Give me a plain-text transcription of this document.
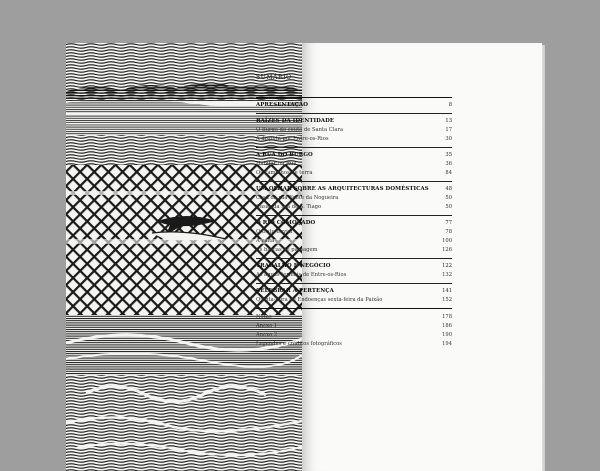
SUMÁRIO
APRESENTAÇÃO	8
RAÍZES DA IDENTIDADE	13
O Burgo do couto de Santa Clara	17
A disputa por Entre-os-Rios	30
A RUA DO BURGO	35
Habitar na Rua	36
Os caminhos de terra	84
UM OLHAR SOBRE AS ARQUITECTURAS DOMÉSTICAS	48
Casa da rua Fonte da Nogueira	50
Casas da rua de S. Tiago	50
O RIO COMO JADO	77
O trato fluvial	78
A valta	100
As barcas de passagem	126
TRABALHO E NEGÓCIO	122
As águas termais de Entre-os-Rios	132
CELEBRAR A PERTENÇA	141
Quinta-feira de Endoenças sexta-feira da Paixão	152
Notas	178
Anexo 1	186
Anexo 2	190
Legendas e créditos fotográficos	194
